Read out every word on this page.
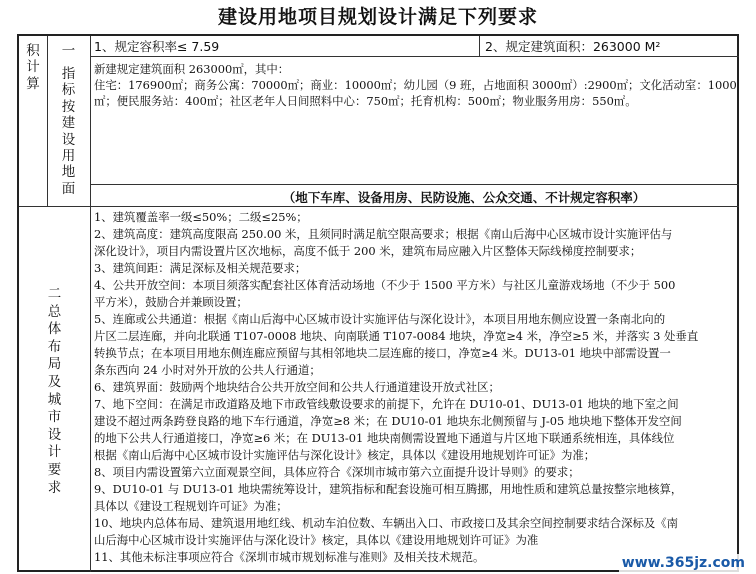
建设用地项目规划设计满足下列要求
积计算
一
指标按建设用地面
1、规定容积率≤ 7.59	2、规定建筑面积：263000 M²
新建规定建筑面积 263000㎡，其中：
住宅：176900㎡；商务公寓：70000㎡；商业：10000㎡；幼儿园（9 班，占地面积 3000㎡）:2900㎡；文化活动室：1000
㎡；便民服务站：400㎡；社区老年人日间照料中心：750㎡；托育机构：500㎡；物业服务用房：550㎡。
（地下车库、设备用房、民防设施、公众交通、不计规定容积率）
二总体布局及城市设计要求
1、建筑覆盖率一级≤50%；二级≤25%；
2、建筑高度：建筑高度限高 250.00 米，且须同时满足航空限高要求；根据《南山后海中心区城市设计实施评估与
深化设计》，项目内需设置片区次地标，高度不低于 200 米，建筑布局应融入片区整体天际线梯度控制要求；
3、建筑间距：满足深标及相关规范要求；
4、公共开放空间：本项目须落实配套社区体育活动场地（不少于 1500 平方米）与社区儿童游戏场地（不少于 500
平方米），鼓励合并兼顾设置；
5、连廊或公共通道：根据《南山后海中心区城市设计实施评估与深化设计》，本项目用地东侧应设置一条南北向的
片区二层连廊，并向北联通 T107-0008 地块、向南联通 T107-0084 地块，净宽≥4 米，净空≥5 米，并落实 3 处垂直
转换节点；在本项目用地东侧连廊应预留与其相邻地块二层连廊的接口，净宽≥4 米。DU13-01 地块中部需设置一
条东西向 24 小时对外开放的公共人行通道；
6、建筑界面：鼓励两个地块结合公共开放空间和公共人行通道建设开放式社区；
7、地下空间：在满足市政道路及地下市政管线敷设要求的前提下，允许在 DU10-01、DU13-01 地块的地下室之间
建设不超过两条跨登良路的地下车行通道，净宽≥8 米；在 DU10-01 地块东北侧预留与 J-05 地块地下整体开发空间
的地下公共人行通道接口，净宽≥6 米；在 DU13-01 地块南侧需设置地下通道与片区地下联通系统相连，具体线位
根据《南山后海中心区城市设计实施评估与深化设计》核定，具体以《建设用地规划许可证》为准；
8、项目内需设置第六立面观景空间，具体应符合《深圳市城市第六立面提升设计导则》的要求；
9、DU10-01 与 DU13-01 地块需统筹设计，建筑指标和配套设施可相互腾挪，用地性质和建筑总量按整宗地核算，
具体以《建设工程规划许可证》为准；
10、地块内总体布局、建筑退用地红线、机动车泊位数、车辆出入口、市政接口及其余空间控制要求结合深标及《南
山后海中心区城市设计实施评估与深化设计》核定，具体以《建设用地规划许可证》为准
11、其他未标注事项应符合《深圳市城市规划标准与准则》及相关技术规范。	www.365jz.com
